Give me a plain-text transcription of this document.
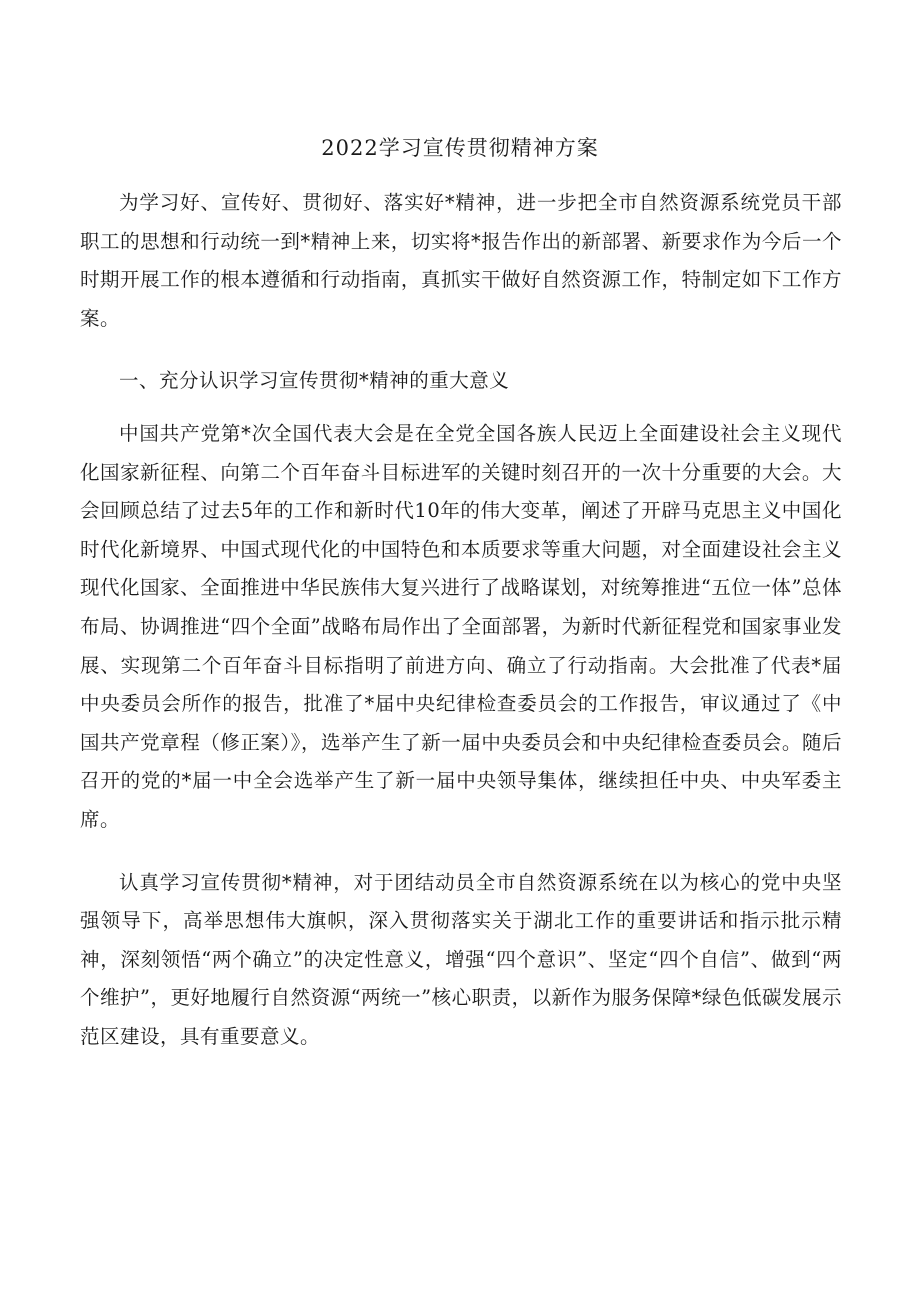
2022学习宣传贯彻精神方案

为学习好、宣传好、贯彻好、落实好*精神，进一步把全市自然资源系统党员干部职工的思想和行动统一到*精神上来，切实将*报告作出的新部署、新要求作为今后一个时期开展工作的根本遵循和行动指南，真抓实干做好自然资源工作，特制定如下工作方案。

一、充分认识学习宣传贯彻*精神的重大意义

中国共产党第*次全国代表大会是在全党全国各族人民迈上全面建设社会主义现代化国家新征程、向第二个百年奋斗目标进军的关键时刻召开的一次十分重要的大会。大会回顾总结了过去5年的工作和新时代10年的伟大变革，阐述了开辟马克思主义中国化时代化新境界、中国式现代化的中国特色和本质要求等重大问题，对全面建设社会主义现代化国家、全面推进中华民族伟大复兴进行了战略谋划，对统筹推进“五位一体”总体布局、协调推进“四个全面”战略布局作出了全面部署，为新时代新征程党和国家事业发展、实现第二个百年奋斗目标指明了前进方向、确立了行动指南。大会批准了代表*届中央委员会所作的报告，批准了*届中央纪律检查委员会的工作报告，审议通过了《中国共产党章程（修正案）》，选举产生了新一届中央委员会和中央纪律检查委员会。随后召开的党的*届一中全会选举产生了新一届中央领导集体，继续担任中央、中央军委主席。

认真学习宣传贯彻*精神，对于团结动员全市自然资源系统在以为核心的党中央坚强领导下，高举思想伟大旗帜，深入贯彻落实关于湖北工作的重要讲话和指示批示精神，深刻领悟“两个确立”的决定性意义，增强“四个意识”、坚定“四个自信”、做到“两个维护”，更好地履行自然资源“两统一”核心职责，以新作为服务保障*绿色低碳发展示范区建设，具有重要意义。
